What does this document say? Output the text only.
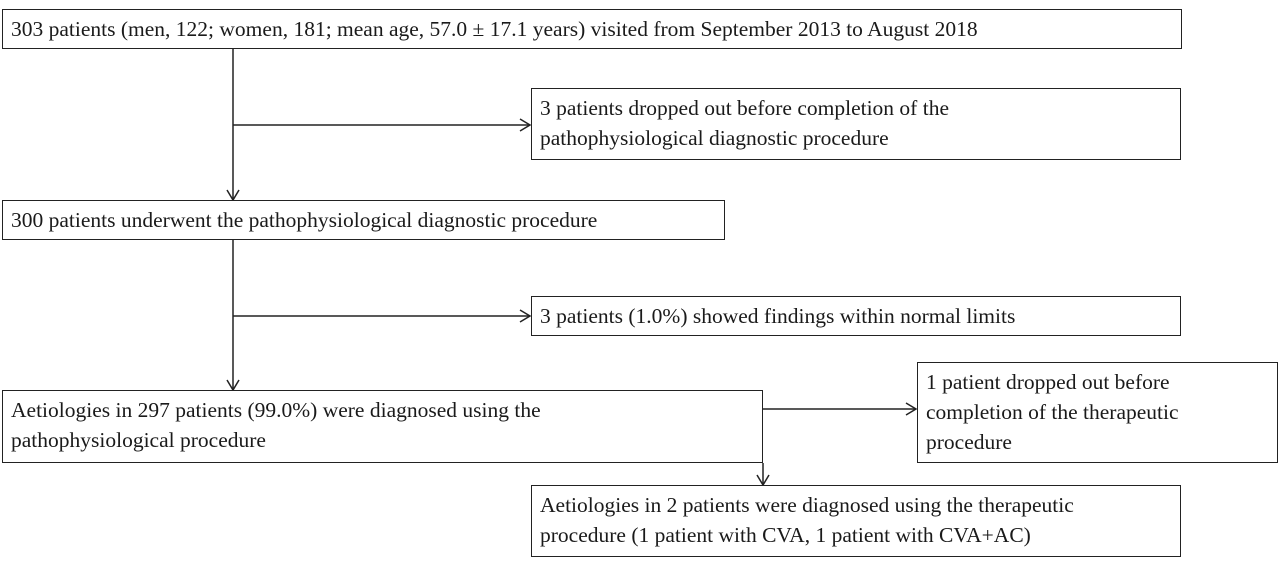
303 patients (men, 122; women, 181; mean age, 57.0 ± 17.1 years) visited from September 2013 to August 2018
3 patients dropped out before completion of the
pathophysiological diagnostic procedure
300 patients underwent the pathophysiological diagnostic procedure
3 patients (1.0%) showed findings within normal limits
Aetiologies in 297 patients (99.0%) were diagnosed using the
pathophysiological procedure
1 patient dropped out before
completion of the therapeutic
procedure
Aetiologies in 2 patients were diagnosed using the therapeutic
procedure (1 patient with CVA, 1 patient with CVA+AC)
